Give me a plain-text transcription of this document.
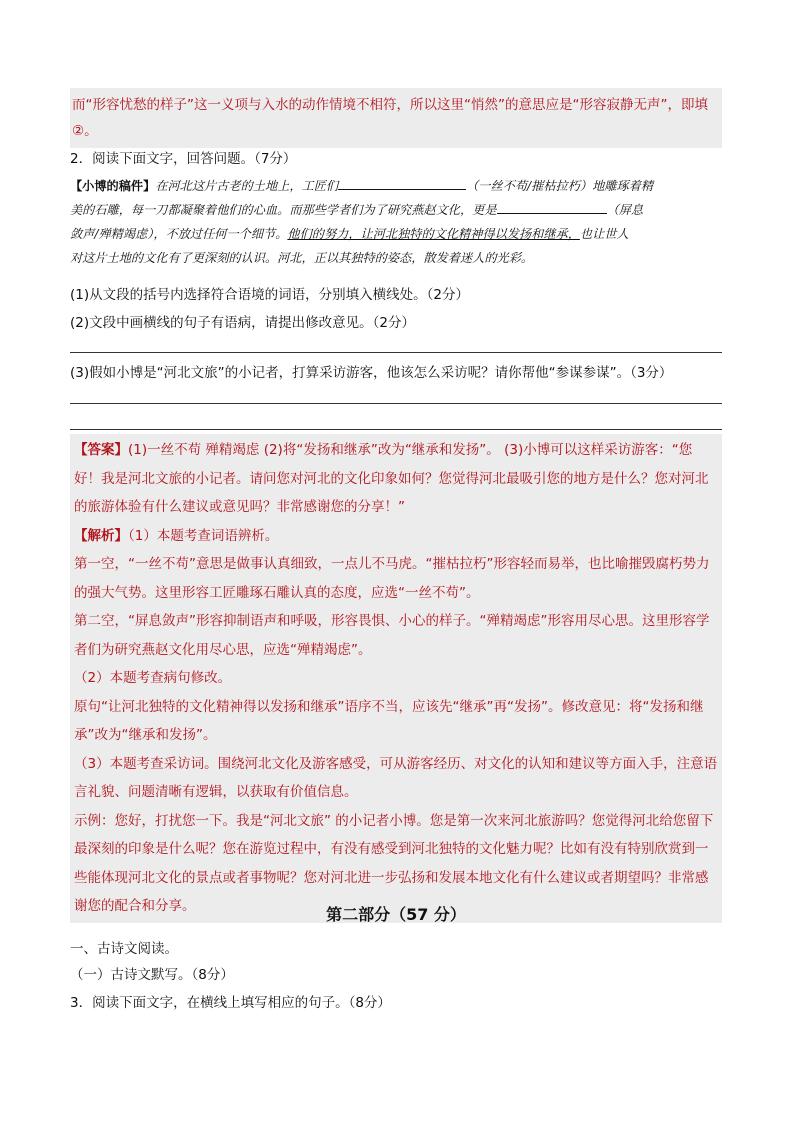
而“形容忧愁的样子”这一义项与入水的动作情境不相符，所以这里“悄然”的意思应是“形容寂静无声”，即填
②。
2．阅读下面文字，回答问题。（7分）
【小博的稿件】在河北这片古老的土地上，工匠们	（一丝不苟/摧枯拉朽）地雕琢着精
美的石雕，每一刀都凝聚着他们的心血。而那些学者们为了研究燕赵文化，更是	（屏息
敛声/殚精竭虑），不放过任何一个细节。他们的努力，让河北独特的文化精神得以发扬和继承，也让世人
对这片土地的文化有了更深刻的认识。河北，正以其独特的姿态，散发着迷人的光彩。
(1)从文段的括号内选择符合语境的词语，分别填入横线处。（2分）
(2)文段中画横线的句子有语病，请提出修改意见。（2分）
(3)假如小博是“河北文旅”的小记者，打算采访游客，他该怎么采访呢？请你帮他“参谋参谋”。（3分）

【答案】(1)一丝不苟 殚精竭虑 (2)将“发扬和继承”改为“继承和发扬”。 (3)小博可以这样采访游客：“您好！我是河北文旅的小记者。请问您对河北的文化印象如何？您觉得河北最吸引您的地方是什么？您对河北的旅游体验有什么建议或意见吗？非常感谢您的分享！”

【解析】（1）本题考查词语辨析。

第一空，“一丝不苟”意思是做事认真细致，一点儿不马虎。“摧枯拉朽”形容轻而易举，也比喻摧毁腐朽势力的强大气势。这里形容工匠雕琢石雕认真的态度，应选“一丝不苟”。

第二空，“屏息敛声”形容抑制语声和呼吸，形容畏惧、小心的样子。“殚精竭虑”形容用尽心思。这里形容学者们为研究燕赵文化用尽心思，应选“殚精竭虑”。

（2）本题考查病句修改。

原句“让河北独特的文化精神得以发扬和继承”语序不当，应该先“继承”再“发扬”。修改意见：将“发扬和继承”改为“继承和发扬”。

（3）本题考查采访词。围绕河北文化及游客感受，可从游客经历、对文化的认知和建议等方面入手，注意语言礼貌、问题清晰有逻辑，以获取有价值信息。

示例：您好，打扰您一下。我是“河北文旅” 的小记者小博。您是第一次来河北旅游吗？您觉得河北给您留下最深刻的印象是什么呢？您在游览过程中，有没有感受到河北独特的文化魅力呢？比如有没有特别欣赏到一些能体现河北文化的景点或者事物呢？您对河北进一步弘扬和发展本地文化有什么建议或者期望吗？非常感谢您的配合和分享。	第二部分（57 分）
一、古诗文阅读。
（一）古诗文默写。（8分）
3．阅读下面文字，在横线上填写相应的句子。（8分）
